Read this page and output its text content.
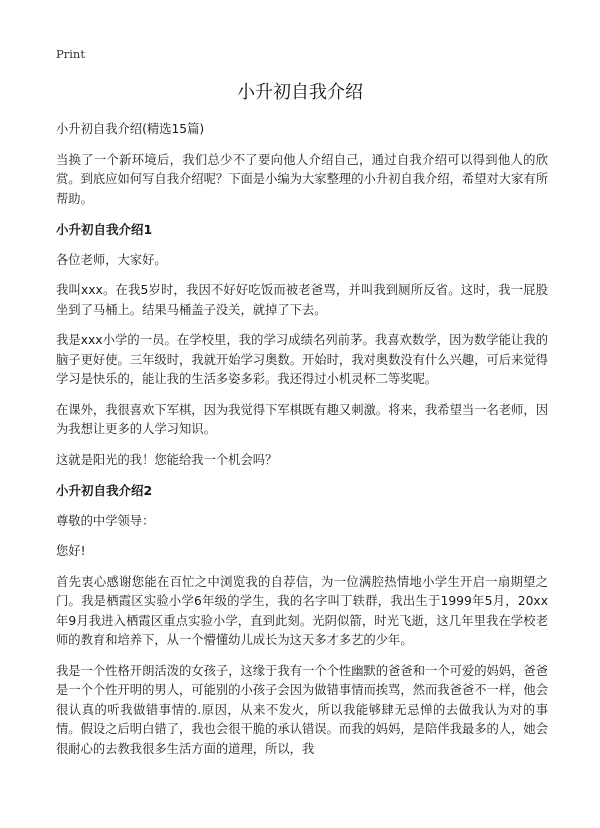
Print
小升初自我介绍

小升初自我介绍(精选15篇)

当换了一个新环境后，我们总少不了要向他人介绍自己，通过自我介绍可以得到他人的欣赏。到底应如何写自我介绍呢？下面是小编为大家整理的小升初自我介绍，希望对大家有所帮助。

小升初自我介绍1

各位老师，大家好。

我叫xxx。在我5岁时，我因不好好吃饭而被老爸骂，并叫我到厕所反省。这时，我一屁股坐到了马桶上。结果马桶盖子没关，就掉了下去。

我是xxx小学的一员。在学校里，我的学习成绩名列前茅。我喜欢数学，因为数学能让我的脑子更好使。三年级时，我就开始学习奥数。开始时，我对奥数没有什么兴趣，可后来觉得学习是快乐的，能让我的生活多姿多彩。我还得过小机灵杯二等奖呢。

在课外，我很喜欢下军棋，因为我觉得下军棋既有趣又刺激。将来，我希望当一名老师，因为我想让更多的人学习知识。

这就是阳光的我！您能给我一个机会吗？

小升初自我介绍2

尊敬的中学领导：

您好!

首先衷心感谢您能在百忙之中浏览我的自荐信，为一位满腔热情地小学生开启一扇期望之门。我是栖霞区实验小学6年级的学生，我的名字叫丁轶群，我出生于1999年5月，20xx年9月我进入栖霞区重点实验小学，直到此刻。光阴似箭，时光飞逝，这几年里我在学校老师的教育和培养下，从一个懵懂幼儿成长为这天多才多艺的少年。

我是一个性格开朗活泼的女孩子，这缘于我有一个个性幽默的爸爸和一个可爱的妈妈，爸爸是一个个性开明的男人，可能别的小孩子会因为做错事情而挨骂，然而我爸爸不一样，他会很认真的听我做错事情的.原因，从来不发火，所以我能够肆无忌惮的去做我认为对的事情。假设之后明白错了，我也会很干脆的承认错误。而我的妈妈，是陪伴我最多的人，她会很耐心的去教我很多生活方面的道理，所以，我
